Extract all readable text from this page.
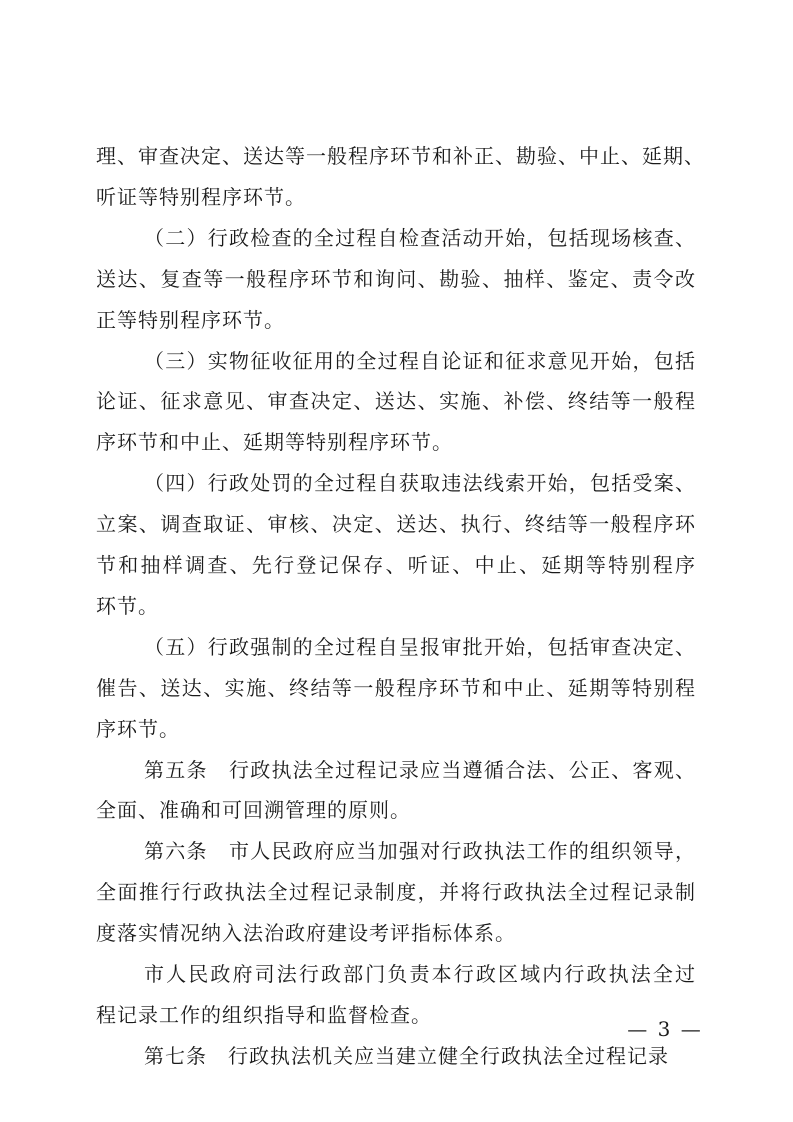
理、审查决定、送达等一般程序环节和补正、勘验、中止、延期、
听证等特别程序环节。
（二）行政检查的全过程自检查活动开始，包括现场核查、
送达、复查等一般程序环节和询问、勘验、抽样、鉴定、责令改
正等特别程序环节。
（三）实物征收征用的全过程自论证和征求意见开始，包括
论证、征求意见、审查决定、送达、实施、补偿、终结等一般程
序环节和中止、延期等特别程序环节。
（四）行政处罚的全过程自获取违法线索开始，包括受案、
立案、调查取证、审核、决定、送达、执行、终结等一般程序环
节和抽样调查、先行登记保存、听证、中止、延期等特别程序
环节。
（五）行政强制的全过程自呈报审批开始，包括审查决定、
催告、送达、实施、终结等一般程序环节和中止、延期等特别程
序环节。
第五条　行政执法全过程记录应当遵循合法、公正、客观、
全面、准确和可回溯管理的原则。
第六条　市人民政府应当加强对行政执法工作的组织领导，
全面推行行政执法全过程记录制度，并将行政执法全过程记录制
度落实情况纳入法治政府建设考评指标体系。
市人民政府司法行政部门负责本行政区域内行政执法全过
程记录工作的组织指导和监督检查。
第七条　行政执法机关应当建立健全行政执法全过程记录
— 3 —
